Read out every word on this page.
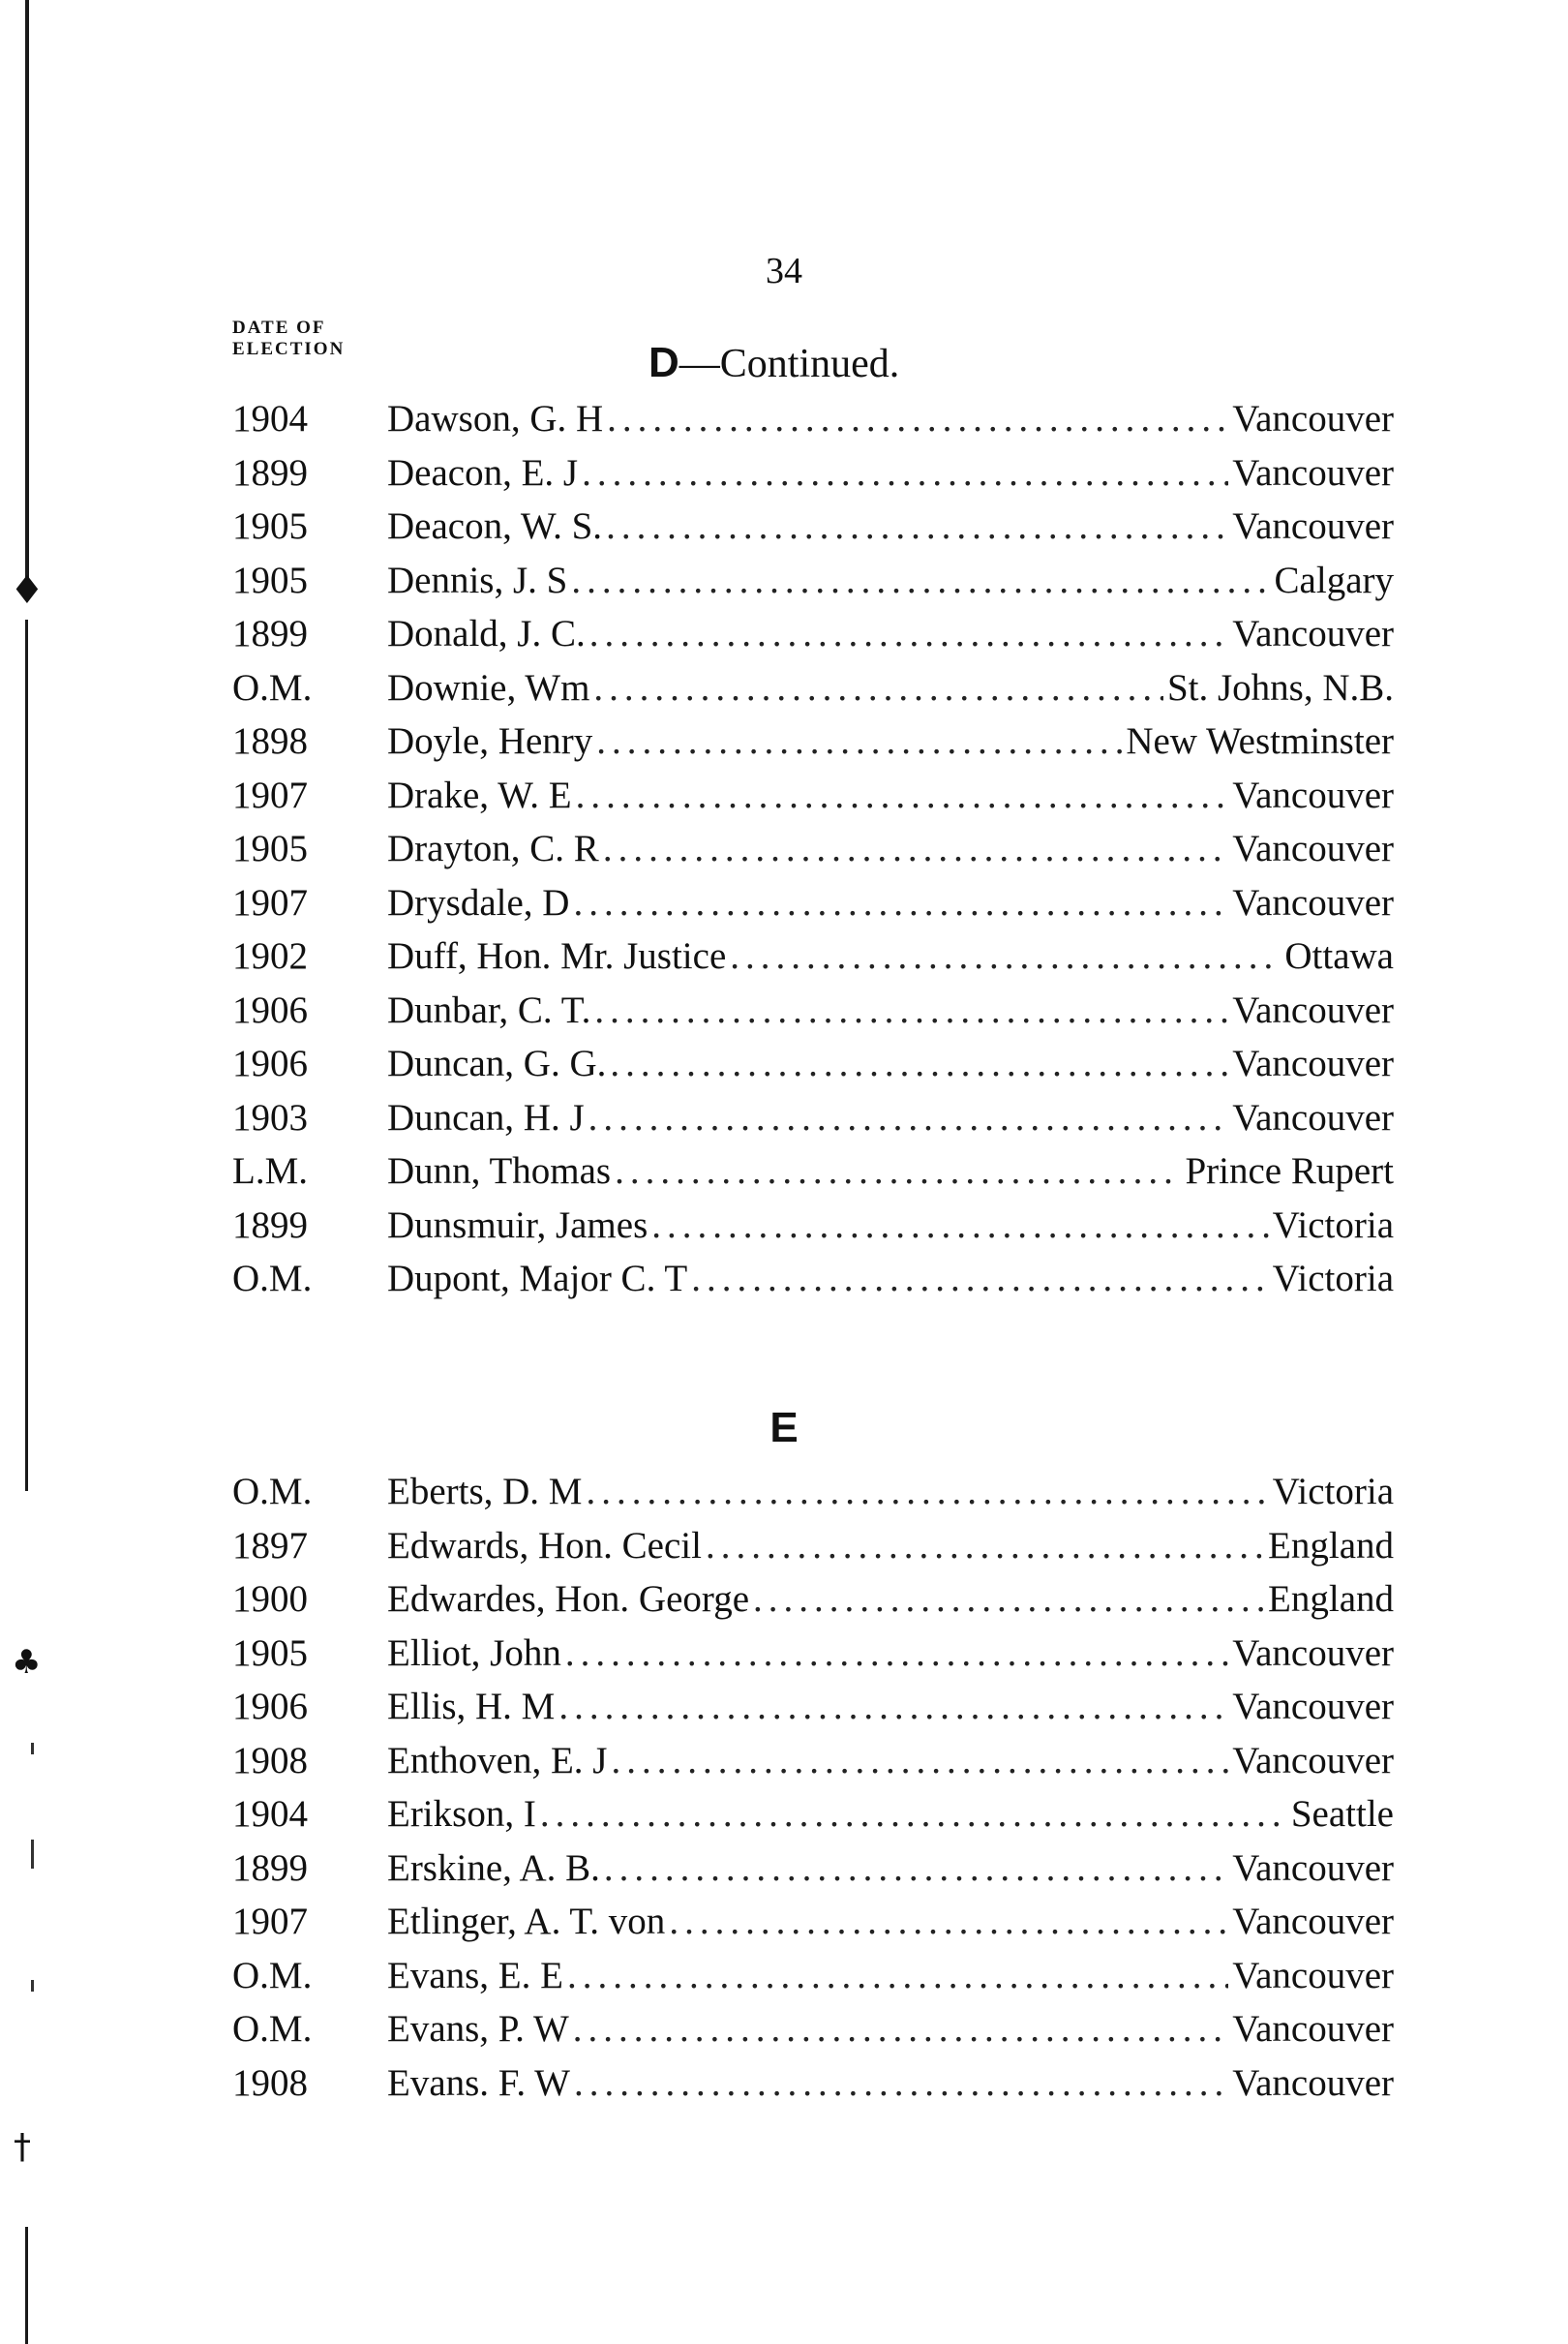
♦
♣
†
34
DATE OF
ELECTION	D—Continued.
1904	Dawson, G. H .....	Vancouver
1899	Deacon, E. J .....	Vancouver
1905	Deacon, W. S. .....	Vancouver
1905	Dennis, J. S .....	Calgary
1899	Donald, J. C. .....	Vancouver
O.M.	Downie, Wm .....	St. Johns, N.B.
1898	Doyle, Henry .....	New Westminster
1907	Drake, W. E .....	Vancouver
1905	Drayton, C. R .....	Vancouver
1907	Drysdale, D .....	Vancouver
1902	Duff, Hon. Mr. Justice .....	Ottawa
1906	Dunbar, C. T. .....	Vancouver
1906	Duncan, G. G. .....	Vancouver
1903	Duncan, H. J .....	Vancouver
L.M.	Dunn, Thomas .....	Prince Rupert
1899	Dunsmuir, James .....	Victoria
O.M.	Dupont, Major C. T .....	Victoria
E
O.M.	Eberts, D. M .....	Victoria
1897	Edwards, Hon. Cecil .....	England
1900	Edwardes, Hon. George .....	England
1905	Elliot, John .....	Vancouver
1906	Ellis, H. M .....	Vancouver
1908	Enthoven, E. J .....	Vancouver
1904	Erikson, I .....	Seattle
1899	Erskine, A. B. .....	Vancouver
1907	Etlinger, A. T. von .....	Vancouver
O.M.	Evans, E. E .....	Vancouver
O.M.	Evans, P. W .....	Vancouver
1908	Evans. F. W .....	Vancouver
